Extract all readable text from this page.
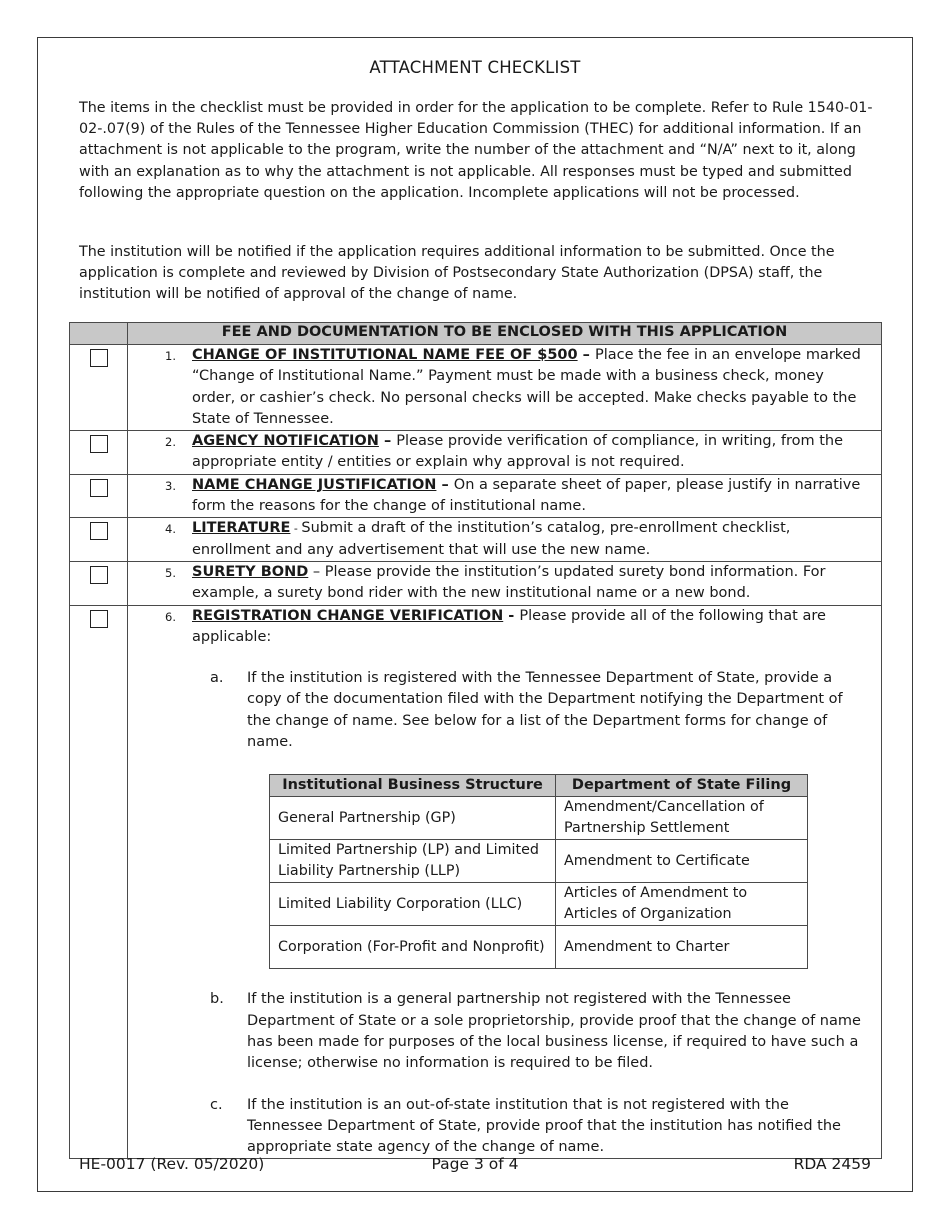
ATTACHMENT CHECKLIST
The items in the checklist must be provided in order for the application to be complete. Refer to Rule 1540-01-02-.07(9) of the Rules of the Tennessee Higher Education Commission (THEC) for additional information. If an attachment is not applicable to the program, write the number of the attachment and “N/A” next to it, along with an explanation as to why the attachment is not applicable. All responses must be typed and submitted following the appropriate question on the application. Incomplete applications will not be processed.
The institution will be notified if the application requires additional information to be submitted. Once the application is complete and reviewed by Division of Postsecondary State Authorization (DPSA) staff, the institution will be notified of approval of the change of name.
	FEE AND DOCUMENTATION TO BE ENCLOSED WITH THIS APPLICATION

1.	CHANGE OF INSTITUTIONAL NAME FEE OF $500 – Place the fee in an envelope marked “Change of Institutional Name.” Payment must be made with a business check, money order, or cashier’s check. No personal checks will be accepted. Make checks payable to the State of Tennessee.

2.	AGENCY NOTIFICATION – Please provide verification of compliance, in writing, from the appropriate entity / entities or explain why approval is not required.

3.	NAME CHANGE JUSTIFICATION – On a separate sheet of paper, please justify in narrative form the reasons for the change of institutional name.

4.	LITERATURE - Submit a draft of the institution’s catalog, pre-enrollment checklist, enrollment and any advertisement that will use the new name.

5.	SURETY BOND – Please provide the institution’s updated surety bond information. For example, a surety bond rider with the new institutional name or a new bond.

6.	REGISTRATION CHANGE VERIFICATION - Please provide all of the following that are applicable:
a.	If the institution is registered with the Tennessee Department of State, provide a copy of the documentation filed with the Department notifying the Department of the change of name. See below for a list of the Department forms for change of name.
Institutional Business Structure	Department of State Filing
General Partnership (GP)	Amendment/Cancellation of Partnership Settlement
Limited Partnership (LP) and Limited Liability Partnership (LLP)	Amendment to Certificate
Limited Liability Corporation (LLC)	Articles of Amendment to Articles of Organization
Corporation (For-Profit and Nonprofit)	Amendment to Charter
b.	If the institution is a general partnership not registered with the Tennessee Department of State or a sole proprietorship, provide proof that the change of name has been made for purposes of the local business license, if required to have such a license; otherwise no information is required to be filed.
c.	If the institution is an out-of-state institution that is not registered with the Tennessee Department of State, provide proof that the institution has notified the appropriate state agency of the change of name.
HE-0017 (Rev. 05/2020)	Page 3 of 4	RDA 2459
